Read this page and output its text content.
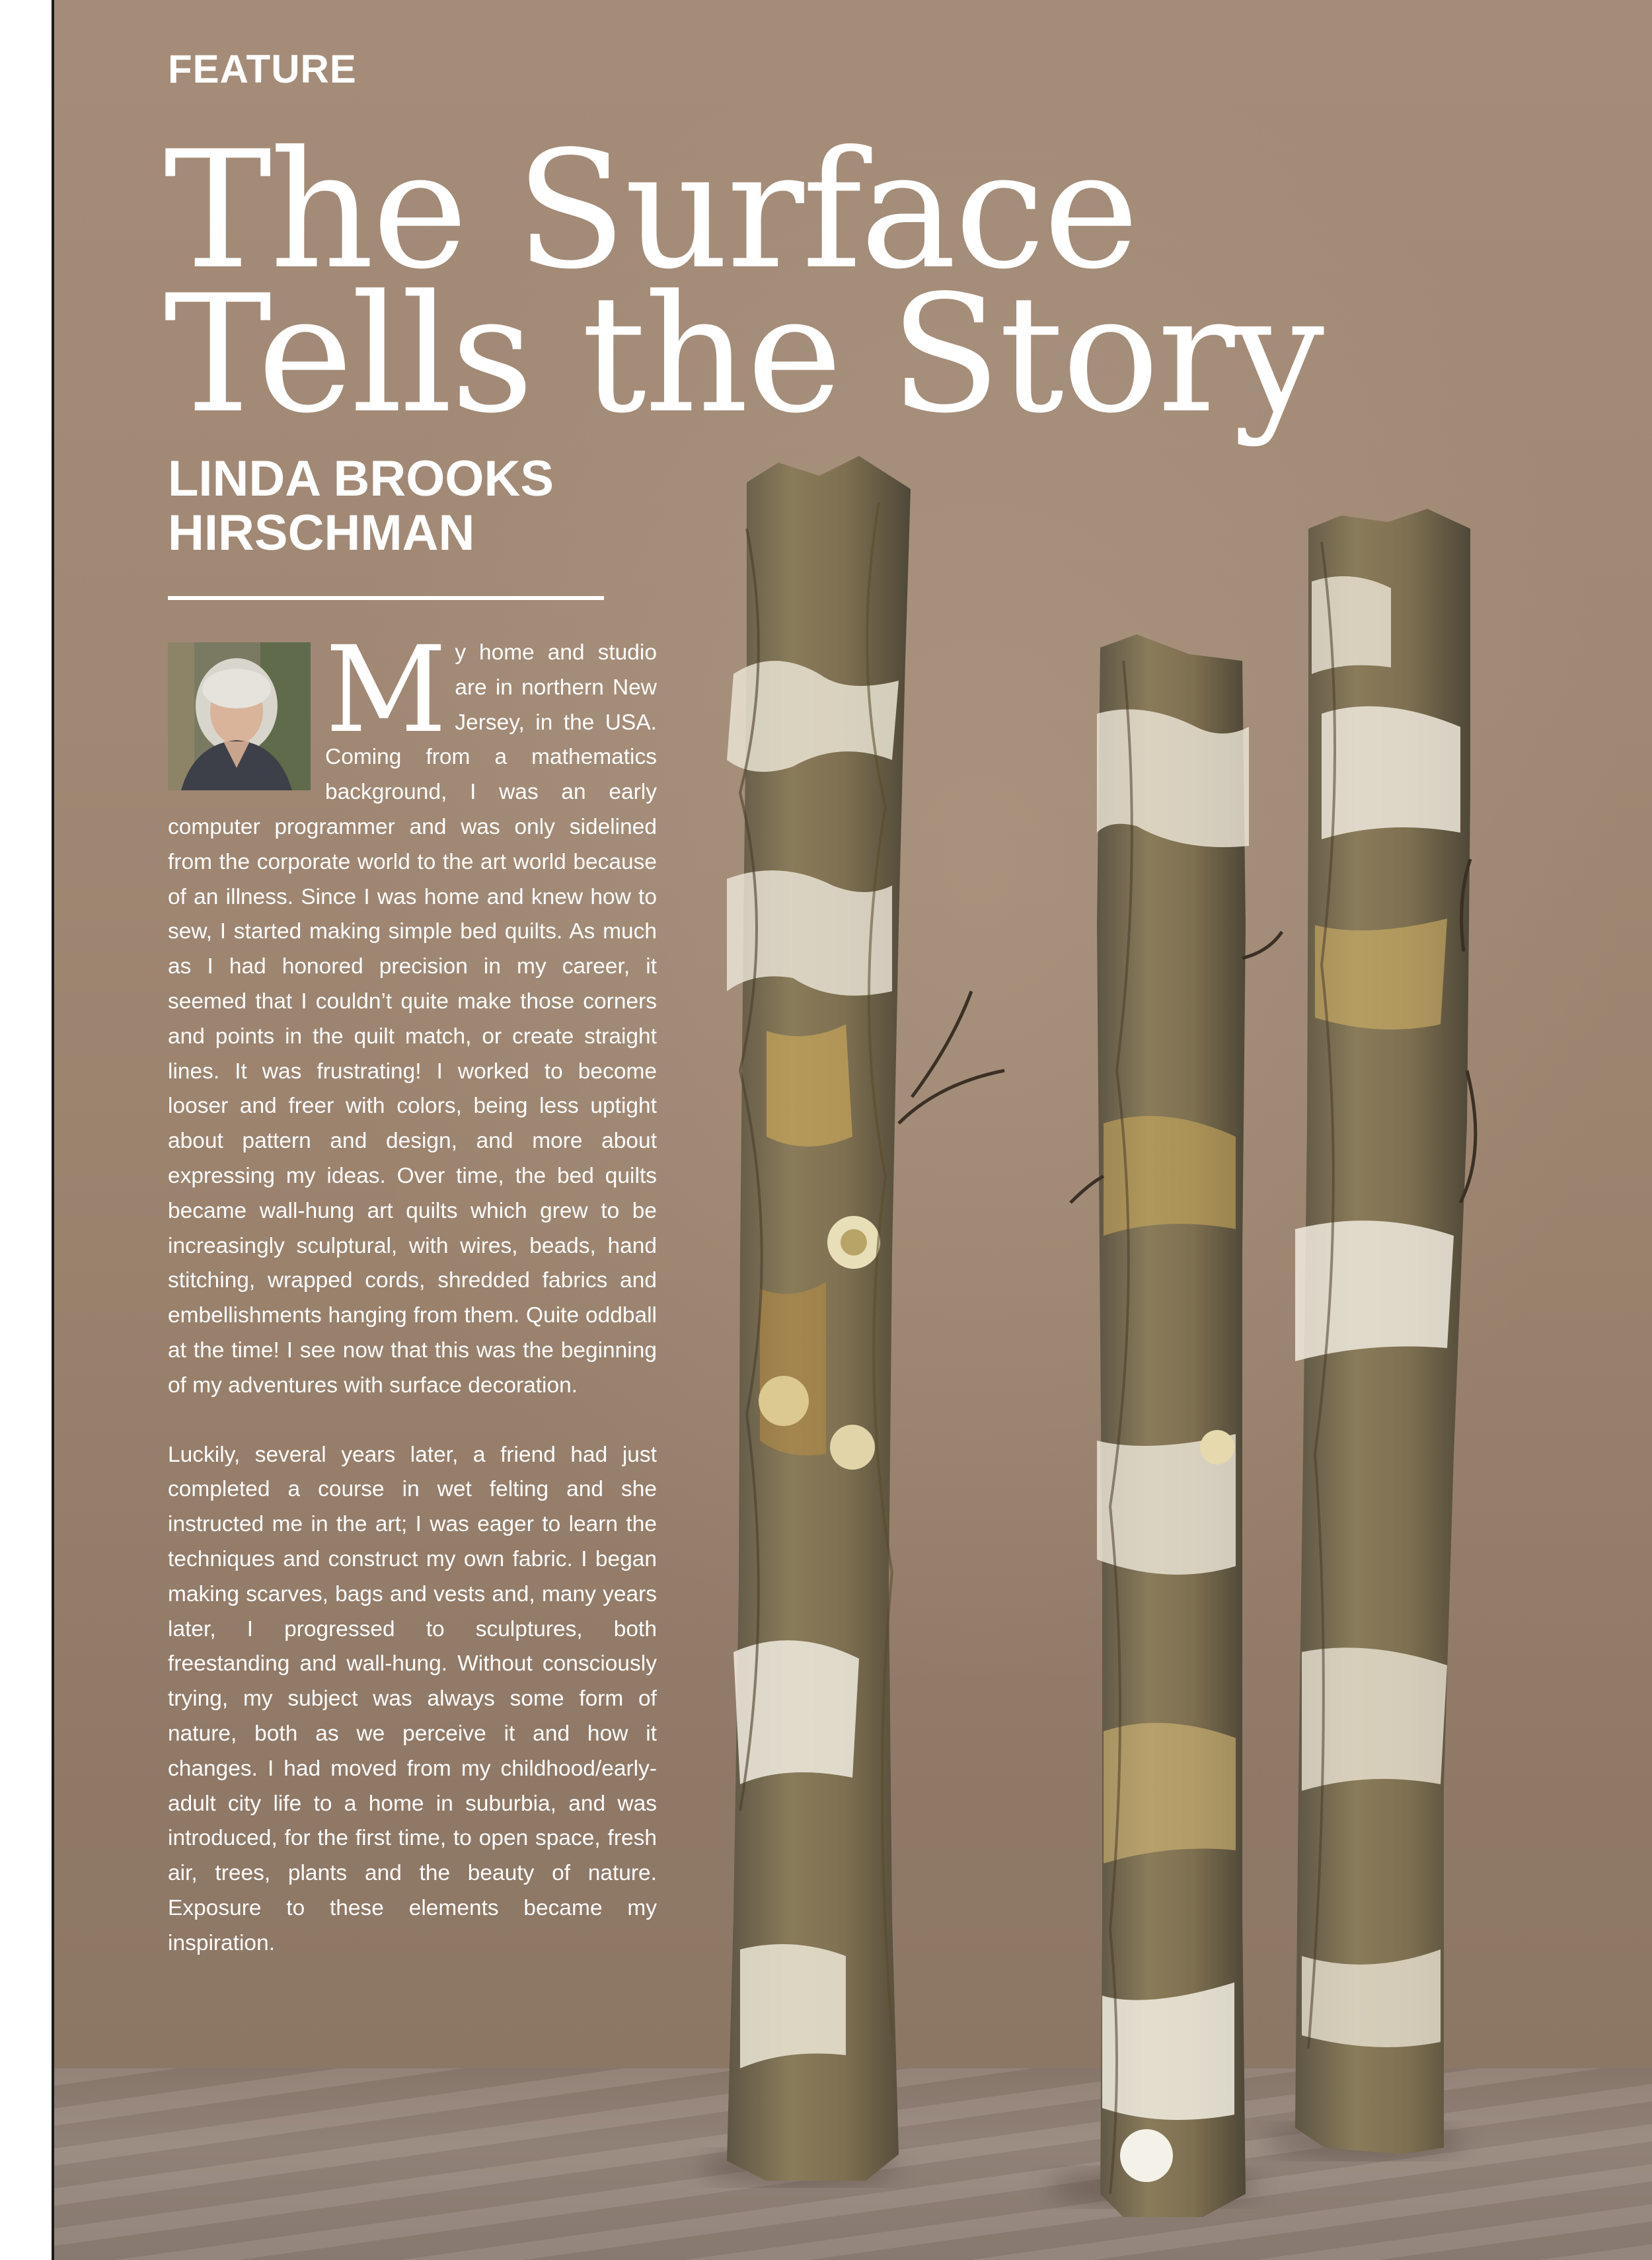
FEATURE
The Surface
Tells the Story
LINDA BROOKS
HIRSCHMAN

My home and studio are in northern New Jersey, in the USA. Coming from a mathematics background, I was an early computer programmer and was only sidelined from the corporate world to the art world because of an illness. Since I was home and knew how to sew, I started making simple bed quilts. As much as I had honored precision in my career, it seemed that I couldn’t quite make those corners and points in the quilt match, or create straight lines. It was frustrating! I worked to become looser and freer with colors, being less uptight about pattern and design, and more about expressing my ideas. Over time, the bed quilts became wall-hung art quilts which grew to be increasingly sculptural, with wires, beads, hand stitching, wrapped cords, shredded fabrics and embellishments hanging from them. Quite oddball at the time! I see now that this was the beginning of my adventures with surface decoration.

Luckily, several years later, a friend had just completed a course in wet felting and she instructed me in the art; I was eager to learn the techniques and construct my own fabric. I began making scarves, bags and vests and, many years later, I progressed to sculptures, both freestanding and wall-hung. Without consciously trying, my subject was always some form of nature, both as we perceive it and how it changes. I had moved from my childhood/early-adult city life to a home in suburbia, and was introduced, for the first time, to open space, fresh air, trees, plants and the beauty of nature. Exposure to these elements became my inspiration.
